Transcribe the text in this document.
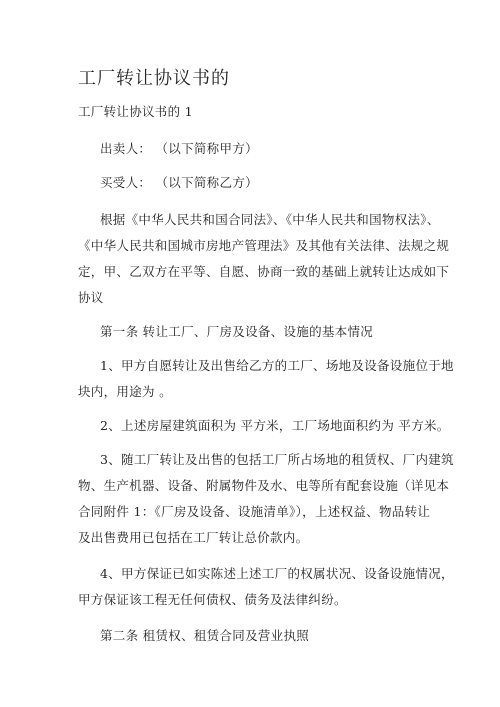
工厂转让协议书的
工厂转让协议书的 1
出卖人： （以下简称甲方）
买受人： （以下简称乙方）
根据《中华人民共和国合同法》、《中华人民共和国物权法》、
《中华人民共和国城市房地产管理法》及其他有关法律、法规之规
定，甲、乙双方在平等、自愿、协商一致的基础上就转让达成如下
协议
第一条 转让工厂、厂房及设备、设施的基本情况
1、甲方自愿转让及出售给乙方的工厂、场地及设备设施位于地
块内，用途为 。
2、上述房屋建筑面积为 平方米，工厂场地面积约为 平方米。
3、随工厂转让及出售的包括工厂所占场地的租赁权、厂内建筑
物、生产机器、设备、附属物件及水、电等所有配套设施（详见本
合同附件 1：《厂房及设备、设施清单》），上述权益、物品转让
及出售费用已包括在工厂转让总价款内。
4、甲方保证已如实陈述上述工厂的权属状况、设备设施情况，
甲方保证该工程无任何债权、债务及法律纠纷。
第二条 租赁权、租赁合同及营业执照
